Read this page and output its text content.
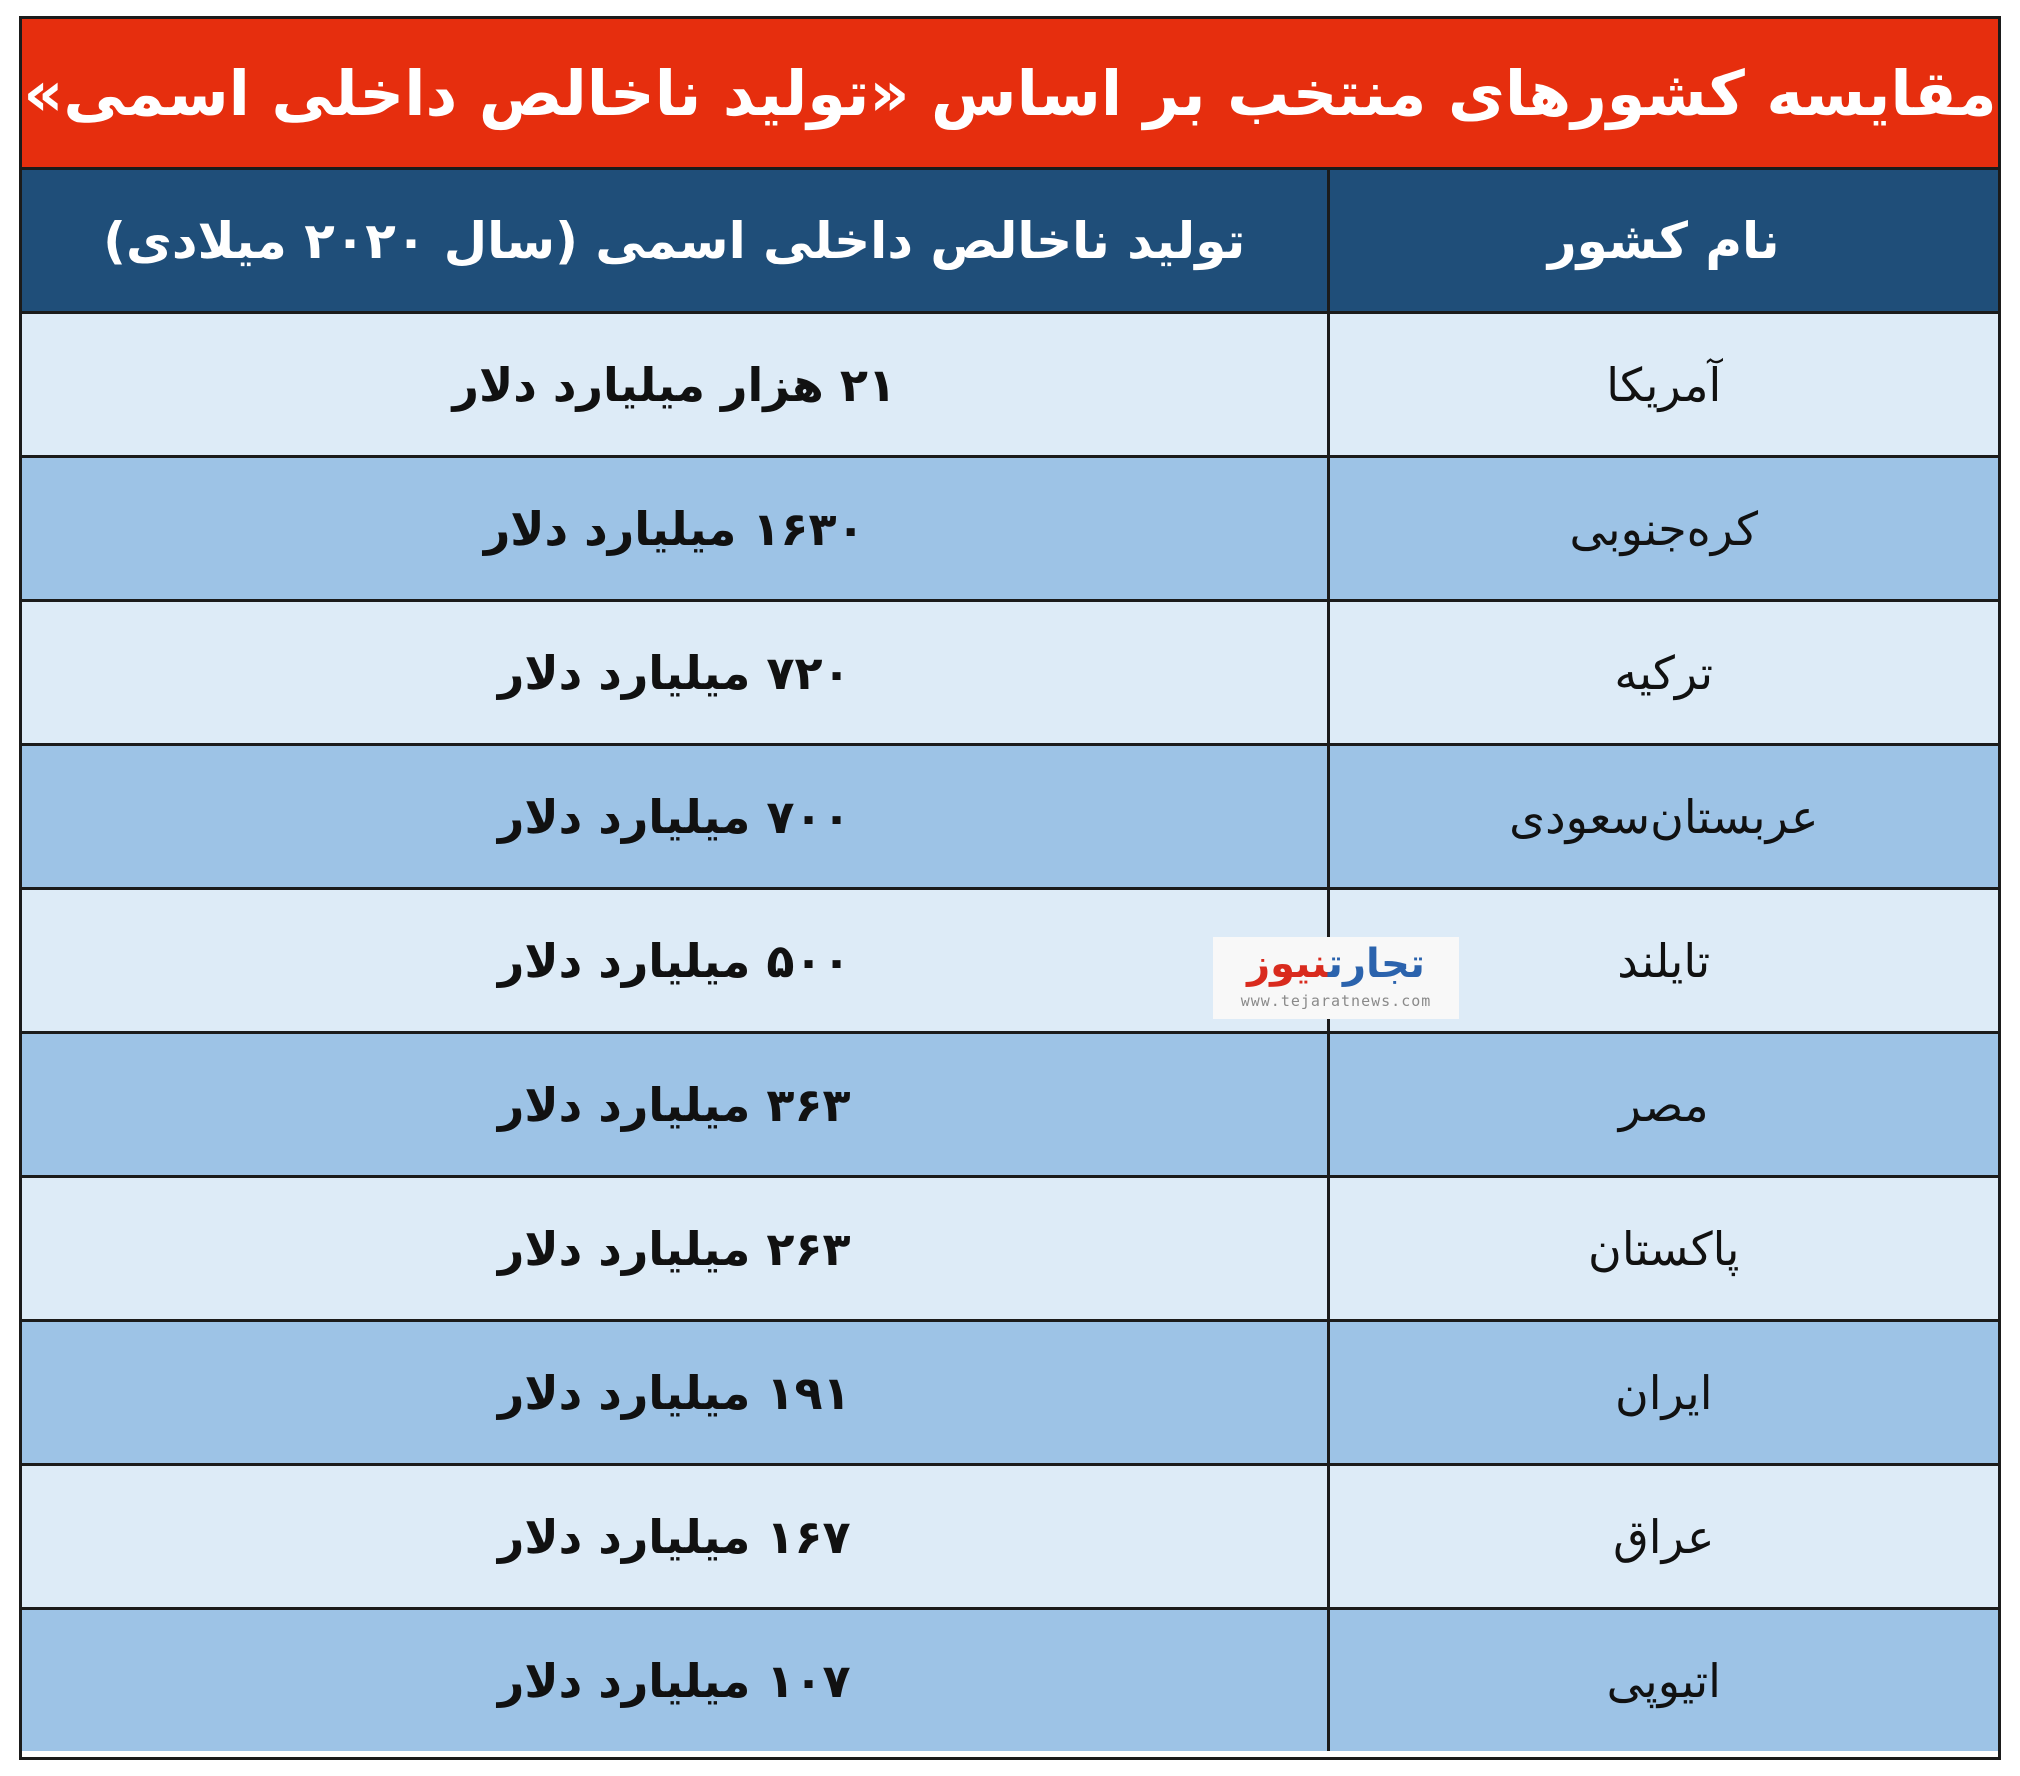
مقایسه کشورهای منتخب بر اساس «تولید ناخالص داخلی اسمی»
نام کشور	تولید ناخالص داخلی اسمی (سال ۲۰۲۰ میلادی)
آمریکا	۲۱ هزار میلیارد دلار
کره‌جنوبی	۱۶۳۰ میلیارد دلار
ترکیه	۷۲۰ میلیارد دلار
عربستان‌سعودی	۷۰۰ میلیارد دلار
تایلند	۵۰۰ میلیارد دلار
مصر	۳۶۳ میلیارد دلار
پاکستان	۲۶۳ میلیارد دلار
ایران	۱۹۱ میلیارد دلار
عراق	۱۶۷ میلیارد دلار
اتیوپی	۱۰۷ میلیارد دلار
تجارتنیوز
www.tejaratnews.com
